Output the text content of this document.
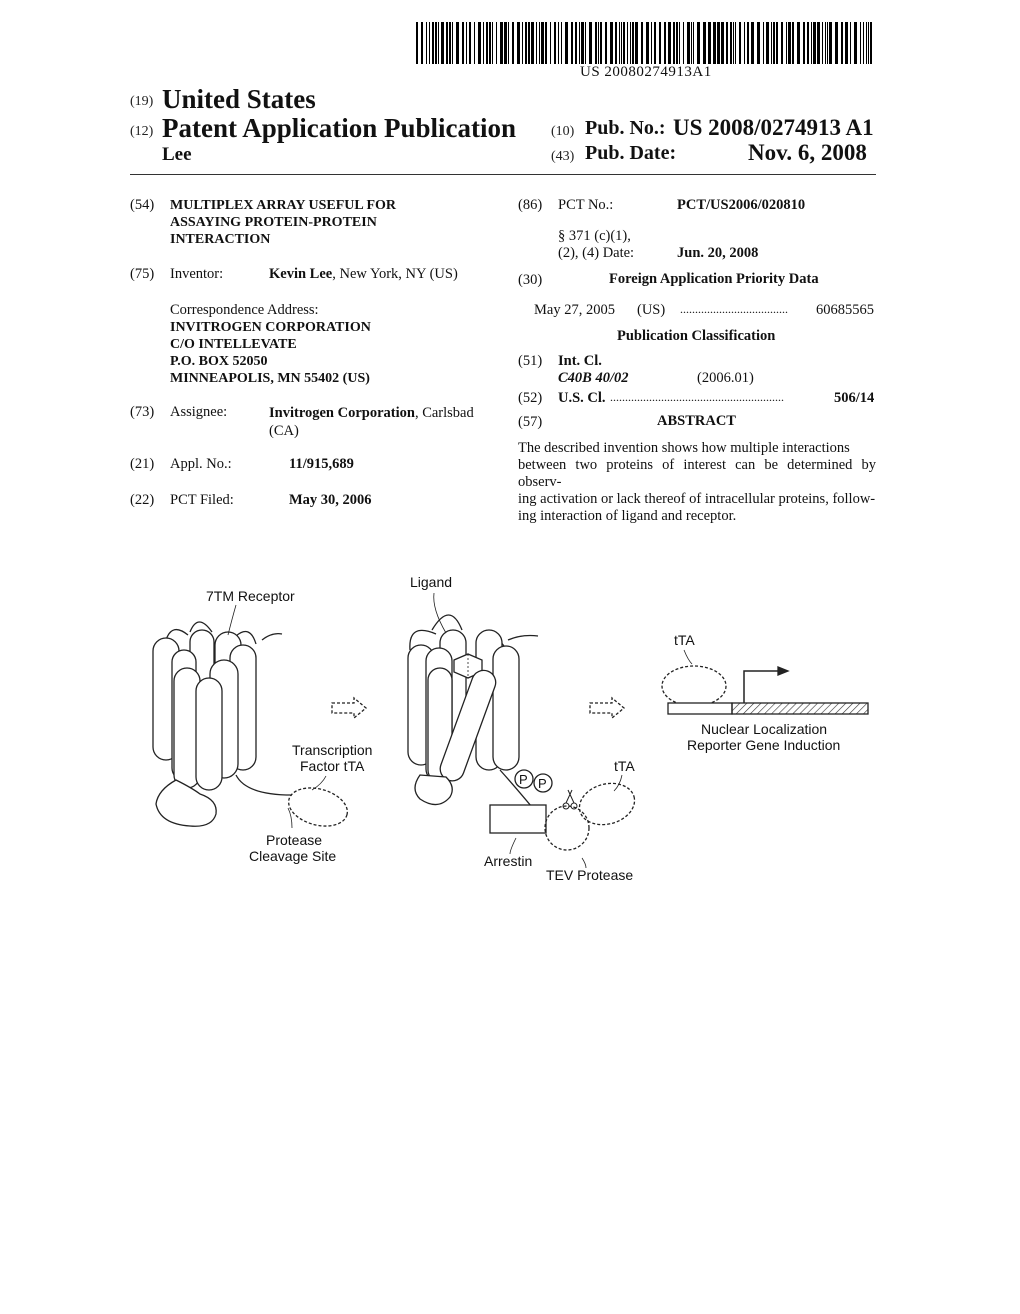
US 20080274913A1
(19) United States
(12) Patent Application Publication (10) Pub. No.: US 2008/0274913 A1
Lee	(43) Pub. Date:	Nov. 6, 2008
(54) MULTIPLEX ARRAY USEFUL FOR
ASSAYING PROTEIN-PROTEIN
INTERACTION
(75) Inventor:	Kevin Lee, New York, NY (US)
Correspondence Address:
INVITROGEN CORPORATION
C/O INTELLEVATE
P.O. BOX 52050
MINNEAPOLIS, MN 55402 (US)
(73) Assignee:	Invitrogen Corporation, Carlsbad
(CA)
(21) Appl. No.:	11/915,689
(22) PCT Filed:	May 30, 2006
(86) PCT No.:	PCT/US2006/020810
§ 371 (c)(1),
(2), (4) Date:	Jun. 20, 2008
(30)	Foreign Application Priority Data
May 27, 2005 (US) .................................... 60685565
Publication Classification
(51) Int. Cl.
C40B 40/02	(2006.01)
(52) U.S. Cl. ..........................................................	506/14
(57)	ABSTRACT
The described invention shows how multiple interactions
between two proteins of interest can be determined by observ-
ing activation or lack thereof of intracellular proteins, follow-
ing interaction of ligand and receptor.
7TM Receptor
Ligand
Transcription
Factor tTA
Protease
Cleavage Site
P P
tTA
Arrestin
TEV Protease
tTA
Nuclear Localization
Reporter Gene Induction
